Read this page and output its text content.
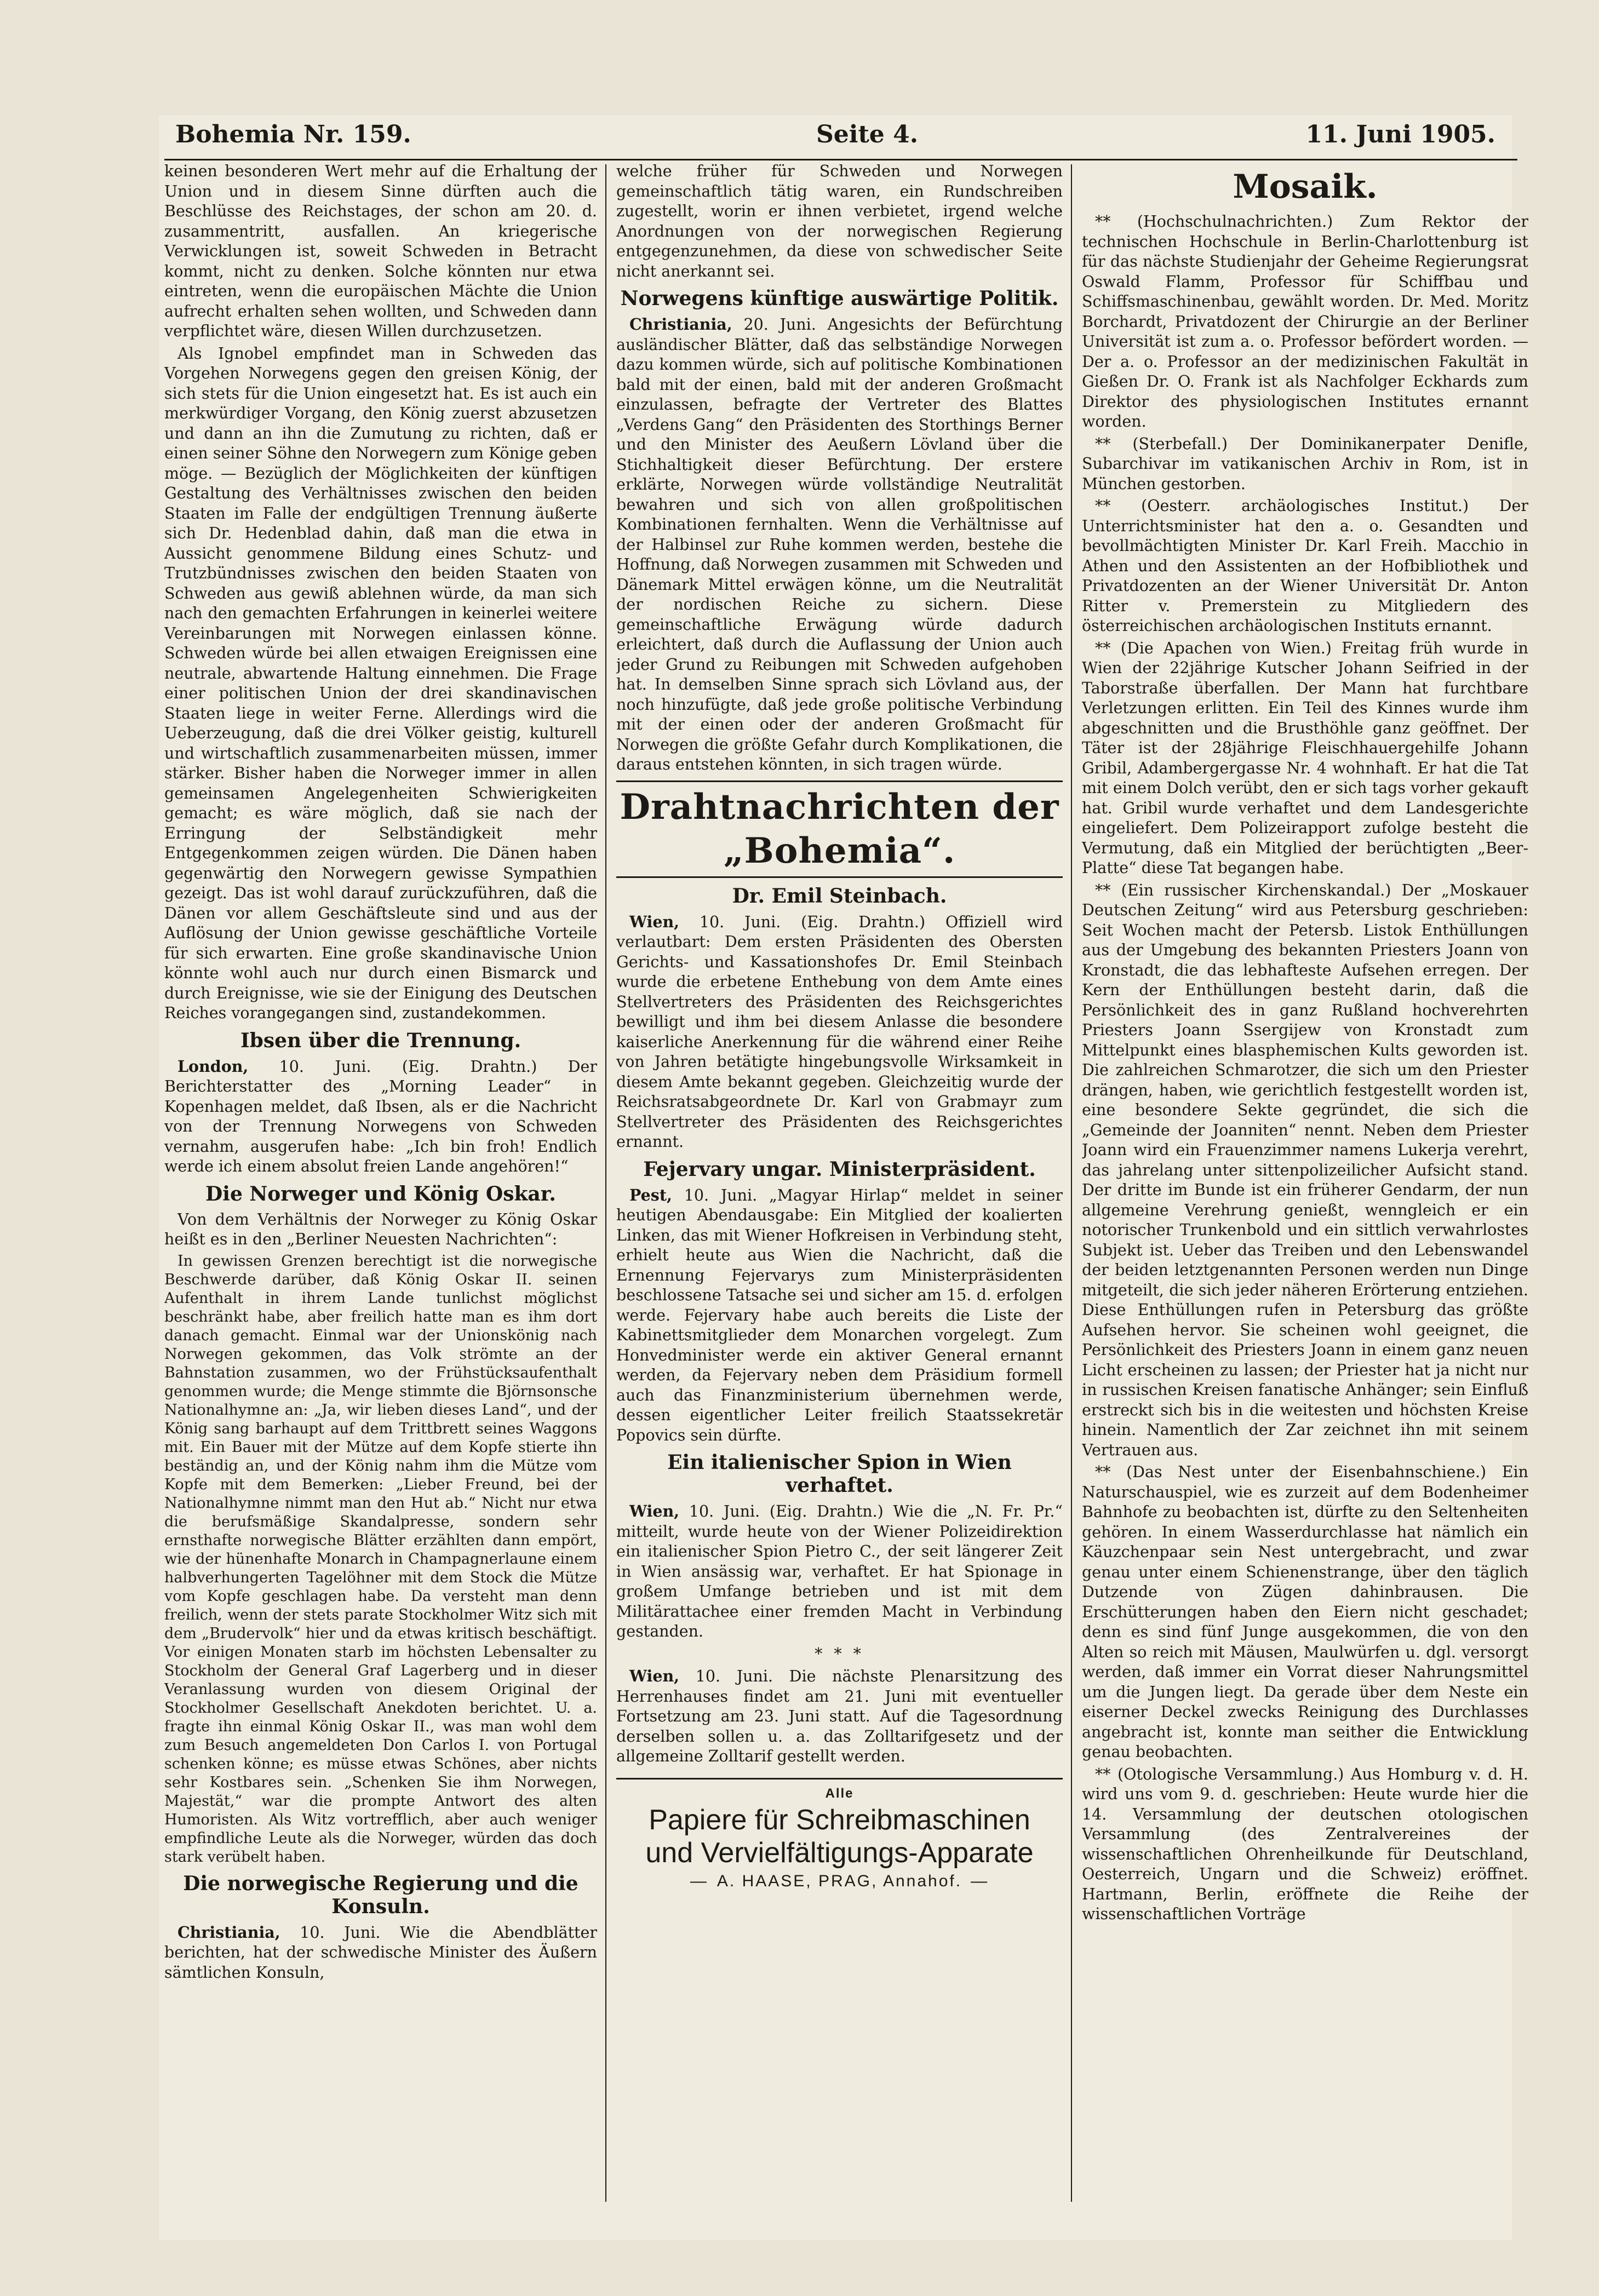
Bohemia Nr. 159.	Seite 4.	11. Juni 1905.

keinen besonderen Wert mehr auf die Erhaltung der Union und in diesem Sinne dürften auch die Beschlüsse des Reichstages, der schon am 20. d. zusammentritt, ausfallen. An kriegerische Verwicklungen ist, soweit Schweden in Betracht kommt, nicht zu denken. Solche könnten nur etwa eintreten, wenn die europäischen Mächte die Union aufrecht erhalten sehen wollten, und Schweden dann verpflichtet wäre, diesen Willen durchzusetzen.

Als Ignobel empfindet man in Schweden das Vorgehen Norwegens gegen den greisen König, der sich stets für die Union eingesetzt hat. Es ist auch ein merkwürdiger Vorgang, den König zuerst abzusetzen und dann an ihn die Zumutung zu richten, daß er einen seiner Söhne den Norwegern zum Könige geben möge. — Bezüglich der Möglichkeiten der künftigen Gestaltung des Verhältnisses zwischen den beiden Staaten im Falle der endgültigen Trennung äußerte sich Dr. Hedenblad dahin, daß man die etwa in Aussicht genommene Bildung eines Schutz- und Trutzbündnisses zwischen den beiden Staaten von Schweden aus gewiß ablehnen würde, da man sich nach den gemachten Erfahrungen in keinerlei weitere Vereinbarungen mit Norwegen einlassen könne. Schweden würde bei allen etwaigen Ereignissen eine neutrale, abwartende Haltung einnehmen. Die Frage einer politischen Union der drei skandinavischen Staaten liege in weiter Ferne. Allerdings wird die Ueberzeugung, daß die drei Völker geistig, kulturell und wirtschaftlich zusammenarbeiten müssen, immer stärker. Bisher haben die Norweger immer in allen gemeinsamen Angelegenheiten Schwierigkeiten gemacht; es wäre möglich, daß sie nach der Erringung der Selbständigkeit mehr Entgegenkommen zeigen würden. Die Dänen haben gegenwärtig den Norwegern gewisse Sympathien gezeigt. Das ist wohl darauf zurückzuführen, daß die Dänen vor allem Geschäftsleute sind und aus der Auflösung der Union gewisse geschäftliche Vorteile für sich erwarten. Eine große skandinavische Union könnte wohl auch nur durch einen Bismarck und durch Ereignisse, wie sie der Einigung des Deutschen Reiches vorangegangen sind, zustandekommen.

Ibsen über die Trennung.

London, 10. Juni. (Eig. Drahtn.) Der Berichterstatter des „Morning Leader“ in Kopenhagen meldet, daß Ibsen, als er die Nachricht von der Trennung Norwegens von Schweden vernahm, ausgerufen habe: „Ich bin froh! Endlich werde ich einem absolut freien Lande angehören!“

Die Norweger und König Oskar.

Von dem Verhältnis der Norweger zu König Oskar heißt es in den „Berliner Neuesten Nachrichten“:

In gewissen Grenzen berechtigt ist die norwegische Beschwerde darüber, daß König Oskar II. seinen Aufenthalt in ihrem Lande tunlichst möglichst beschränkt habe, aber freilich hatte man es ihm dort danach gemacht. Einmal war der Unionskönig nach Norwegen gekommen, das Volk strömte an der Bahnstation zusammen, wo der Frühstücksaufenthalt genommen wurde; die Menge stimmte die Björnsonsche Nationalhymne an: „Ja, wir lieben dieses Land“, und der König sang barhaupt auf dem Trittbrett seines Waggons mit. Ein Bauer mit der Mütze auf dem Kopfe stierte ihn beständig an, und der König nahm ihm die Mütze vom Kopfe mit dem Bemerken: „Lieber Freund, bei der Nationalhymne nimmt man den Hut ab.“ Nicht nur etwa die berufsmäßige Skandalpresse, sondern sehr ernsthafte norwegische Blätter erzählten dann empört, wie der hünenhafte Monarch in Champagnerlaune einem halbverhungerten Tagelöhner mit dem Stock die Mütze vom Kopfe geschlagen habe. Da versteht man denn freilich, wenn der stets parate Stockholmer Witz sich mit dem „Brudervolk“ hier und da etwas kritisch beschäftigt. Vor einigen Monaten starb im höchsten Lebensalter zu Stockholm der General Graf Lagerberg und in dieser Veranlassung wurden von diesem Original der Stockholmer Gesellschaft Anekdoten berichtet. U. a. fragte ihn einmal König Oskar II., was man wohl dem zum Besuch angemeldeten Don Carlos I. von Portugal schenken könne; es müsse etwas Schönes, aber nichts sehr Kostbares sein. „Schenken Sie ihm Norwegen, Majestät,“ war die prompte Antwort des alten Humoristen. Als Witz vortrefflich, aber auch weniger empfindliche Leute als die Norweger, würden das doch stark verübelt haben.

Die norwegische Regierung und die Konsuln.

Christiania, 10. Juni. Wie die Abendblätter berichten, hat der schwedische Minister des Äußern sämtlichen Konsuln,

welche früher für Schweden und Norwegen gemeinschaftlich tätig waren, ein Rundschreiben zugestellt, worin er ihnen verbietet, irgend welche Anordnungen von der norwegischen Regierung entgegenzunehmen, da diese von schwedischer Seite nicht anerkannt sei.

Norwegens künftige auswärtige Politik.

Christiania, 20. Juni. Angesichts der Befürchtung ausländischer Blätter, daß das selbständige Norwegen dazu kommen würde, sich auf politische Kombinationen bald mit der einen, bald mit der anderen Großmacht einzulassen, befragte der Vertreter des Blattes „Verdens Gang“ den Präsidenten des Storthings Berner und den Minister des Aeußern Lövland über die Stichhaltigkeit dieser Befürchtung. Der erstere erklärte, Norwegen würde vollständige Neutralität bewahren und sich von allen großpolitischen Kombinationen fernhalten. Wenn die Verhältnisse auf der Halbinsel zur Ruhe kommen werden, bestehe die Hoffnung, daß Norwegen zusammen mit Schweden und Dänemark Mittel erwägen könne, um die Neutralität der nordischen Reiche zu sichern. Diese gemeinschaftliche Erwägung würde dadurch erleichtert, daß durch die Auflassung der Union auch jeder Grund zu Reibungen mit Schweden aufgehoben hat. In demselben Sinne sprach sich Lövland aus, der noch hinzufügte, daß jede große politische Verbindung mit der einen oder der anderen Großmacht für Norwegen die größte Gefahr durch Komplikationen, die daraus entstehen könnten, in sich tragen würde.

Drahtnachrichten der „Bohemia“.
Dr. Emil Steinbach.

Wien, 10. Juni. (Eig. Drahtn.) Offiziell wird verlautbart: Dem ersten Präsidenten des Obersten Gerichts- und Kassationshofes Dr. Emil Steinbach wurde die erbetene Enthebung von dem Amte eines Stellvertreters des Präsidenten des Reichsgerichtes bewilligt und ihm bei diesem Anlasse die besondere kaiserliche Anerkennung für die während einer Reihe von Jahren betätigte hingebungsvolle Wirksamkeit in diesem Amte bekannt gegeben. Gleichzeitig wurde der Reichsratsabgeordnete Dr. Karl von Grabmayr zum Stellvertreter des Präsidenten des Reichsgerichtes ernannt.

Fejervary ungar. Ministerpräsident.

Pest, 10. Juni. „Magyar Hirlap“ meldet in seiner heutigen Abendausgabe: Ein Mitglied der koalierten Linken, das mit Wiener Hofkreisen in Verbindung steht, erhielt heute aus Wien die Nachricht, daß die Ernennung Fejervarys zum Ministerpräsidenten beschlossene Tatsache sei und sicher am 15. d. erfolgen werde. Fejervary habe auch bereits die Liste der Kabinettsmitglieder dem Monarchen vorgelegt. Zum Honvedminister werde ein aktiver General ernannt werden, da Fejervary neben dem Präsidium formell auch das Finanzministerium übernehmen werde, dessen eigentlicher Leiter freilich Staatssekretär Popovics sein dürfte.

Ein italienischer Spion in Wien verhaftet.

Wien, 10. Juni. (Eig. Drahtn.) Wie die „N. Fr. Pr.“ mitteilt, wurde heute von der Wiener Polizeidirektion ein italienischer Spion Pietro C., der seit längerer Zeit in Wien ansässig war, verhaftet. Er hat Spionage in großem Umfange betrieben und ist mit dem Militärattachee einer fremden Macht in Verbindung gestanden.

* * *

Wien, 10. Juni. Die nächste Plenarsitzung des Herrenhauses findet am 21. Juni mit eventueller Fortsetzung am 23. Juni statt. Auf die Tagesordnung derselben sollen u. a. das Zolltarifgesetz und der allgemeine Zolltarif gestellt werden.

Alle
Papiere für Schreibmaschinen
und Vervielfältigungs-Apparate
— A. HAASE, PRAG, Annahof. —
Mosaik.

** (Hochschulnachrichten.) Zum Rektor der technischen Hochschule in Berlin-Charlottenburg ist für das nächste Studienjahr der Geheime Regierungsrat Oswald Flamm, Professor für Schiffbau und Schiffsmaschinenbau, gewählt worden. Dr. Med. Moritz Borchardt, Privatdozent der Chirurgie an der Berliner Universität ist zum a. o. Professor befördert worden. — Der a. o. Professor an der medizinischen Fakultät in Gießen Dr. O. Frank ist als Nachfolger Eckhards zum Direktor des physiologischen Institutes ernannt worden.

** (Sterbefall.) Der Dominikanerpater Denifle, Subarchivar im vatikanischen Archiv in Rom, ist in München gestorben.

** (Oesterr. archäologisches Institut.) Der Unterrichtsminister hat den a. o. Gesandten und bevollmächtigten Minister Dr. Karl Freih. Macchio in Athen und den Assistenten an der Hofbibliothek und Privatdozenten an der Wiener Universität Dr. Anton Ritter v. Premerstein zu Mitgliedern des österreichischen archäologischen Instituts ernannt.

** (Die Apachen von Wien.) Freitag früh wurde in Wien der 22jährige Kutscher Johann Seifried in der Taborstraße überfallen. Der Mann hat furchtbare Verletzungen erlitten. Ein Teil des Kinnes wurde ihm abgeschnitten und die Brusthöhle ganz geöffnet. Der Täter ist der 28jährige Fleischhauergehilfe Johann Gribil, Adambergergasse Nr. 4 wohnhaft. Er hat die Tat mit einem Dolch verübt, den er sich tags vorher gekauft hat. Gribil wurde verhaftet und dem Landesgerichte eingeliefert. Dem Polizeirapport zufolge besteht die Vermutung, daß ein Mitglied der berüchtigten „Beer-Platte“ diese Tat begangen habe.

** (Ein russischer Kirchenskandal.) Der „Moskauer Deutschen Zeitung“ wird aus Petersburg geschrieben: Seit Wochen macht der Petersb. Listok Enthüllungen aus der Umgebung des bekannten Priesters Joann von Kronstadt, die das lebhafteste Aufsehen erregen. Der Kern der Enthüllungen besteht darin, daß die Persönlichkeit des in ganz Rußland hochverehrten Priesters Joann Ssergijew von Kronstadt zum Mittelpunkt eines blasphemischen Kults geworden ist. Die zahlreichen Schmarotzer, die sich um den Priester drängen, haben, wie gerichtlich festgestellt worden ist, eine besondere Sekte gegründet, die sich die „Gemeinde der Joanniten“ nennt. Neben dem Priester Joann wird ein Frauenzimmer namens Lukerja verehrt, das jahrelang unter sittenpolizeilicher Aufsicht stand. Der dritte im Bunde ist ein früherer Gendarm, der nun allgemeine Verehrung genießt, wenngleich er ein notorischer Trunkenbold und ein sittlich verwahrlostes Subjekt ist. Ueber das Treiben und den Lebenswandel der beiden letztgenannten Personen werden nun Dinge mitgeteilt, die sich jeder näheren Erörterung entziehen. Diese Enthüllungen rufen in Petersburg das größte Aufsehen hervor. Sie scheinen wohl geeignet, die Persönlichkeit des Priesters Joann in einem ganz neuen Licht erscheinen zu lassen; der Priester hat ja nicht nur in russischen Kreisen fanatische Anhänger; sein Einfluß erstreckt sich bis in die weitesten und höchsten Kreise hinein. Namentlich der Zar zeichnet ihn mit seinem Vertrauen aus.

** (Das Nest unter der Eisenbahnschiene.) Ein Naturschauspiel, wie es zurzeit auf dem Bodenheimer Bahnhofe zu beobachten ist, dürfte zu den Seltenheiten gehören. In einem Wasserdurchlasse hat nämlich ein Käuzchenpaar sein Nest untergebracht, und zwar genau unter einem Schienenstrange, über den täglich Dutzende von Zügen dahinbrausen. Die Erschütterungen haben den Eiern nicht geschadet; denn es sind fünf Junge ausgekommen, die von den Alten so reich mit Mäusen, Maulwürfen u. dgl. versorgt werden, daß immer ein Vorrat dieser Nahrungsmittel um die Jungen liegt. Da gerade über dem Neste ein eiserner Deckel zwecks Reinigung des Durchlasses angebracht ist, konnte man seither die Entwicklung genau beobachten.

** (Otologische Versammlung.) Aus Homburg v. d. H. wird uns vom 9. d. geschrieben: Heute wurde hier die 14. Versammlung der deutschen otologischen Versammlung (des Zentralvereines der wissenschaftlichen Ohrenheilkunde für Deutschland, Oesterreich, Ungarn und die Schweiz) eröffnet. Hartmann, Berlin, eröffnete die Reihe der wissenschaftlichen Vorträge
